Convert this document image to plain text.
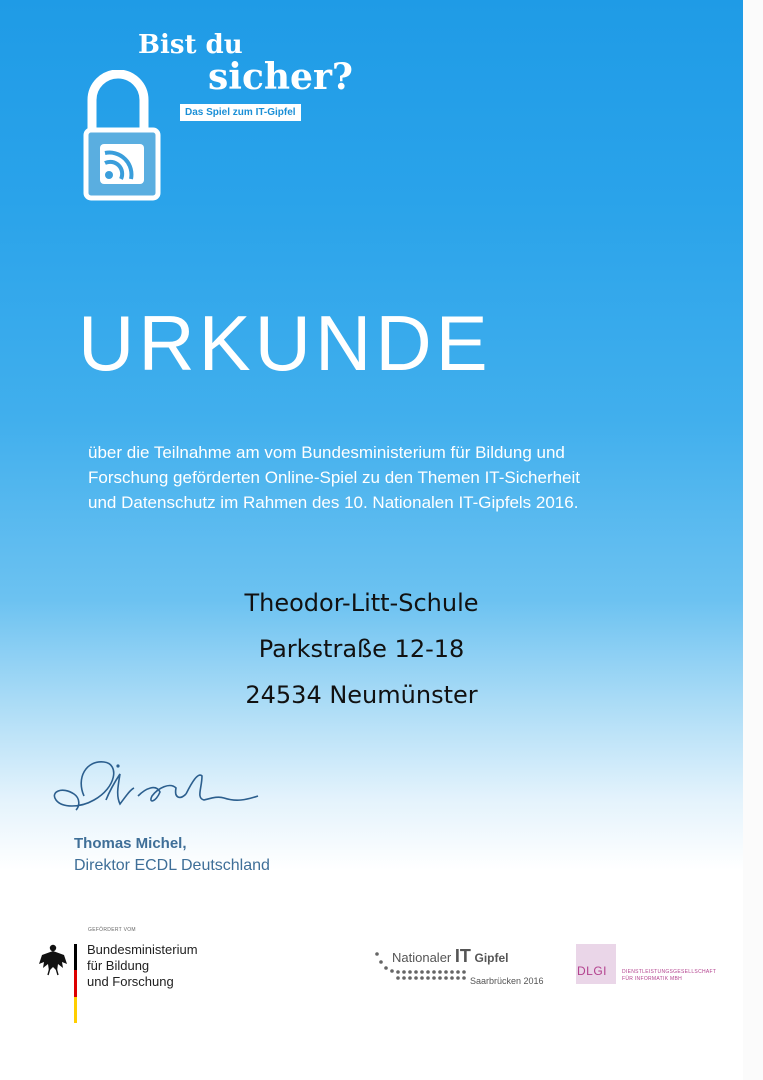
Bist du
sicher?
Das Spiel zum IT-Gipfel
URKUNDE
über die Teilnahme am vom Bundesministerium für Bildung und
Forschung geförderten Online-Spiel zu den Themen IT-Sicherheit
und Datenschutz im Rahmen des 10. Nationalen IT-Gipfels 2016.
Theodor-Litt-Schule
Parkstraße 12-18
24534 Neumünster
Thomas Michel,
Direktor ECDL Deutschland
GEFÖRDERT VOM
Bundesministerium
für Bildung
und Forschung
Nationaler IT Gipfel
Saarbrücken 2016
DLGI	DIENSTLEISTUNGSGESELLSCHAFT
FÜR INFORMATIK MBH
